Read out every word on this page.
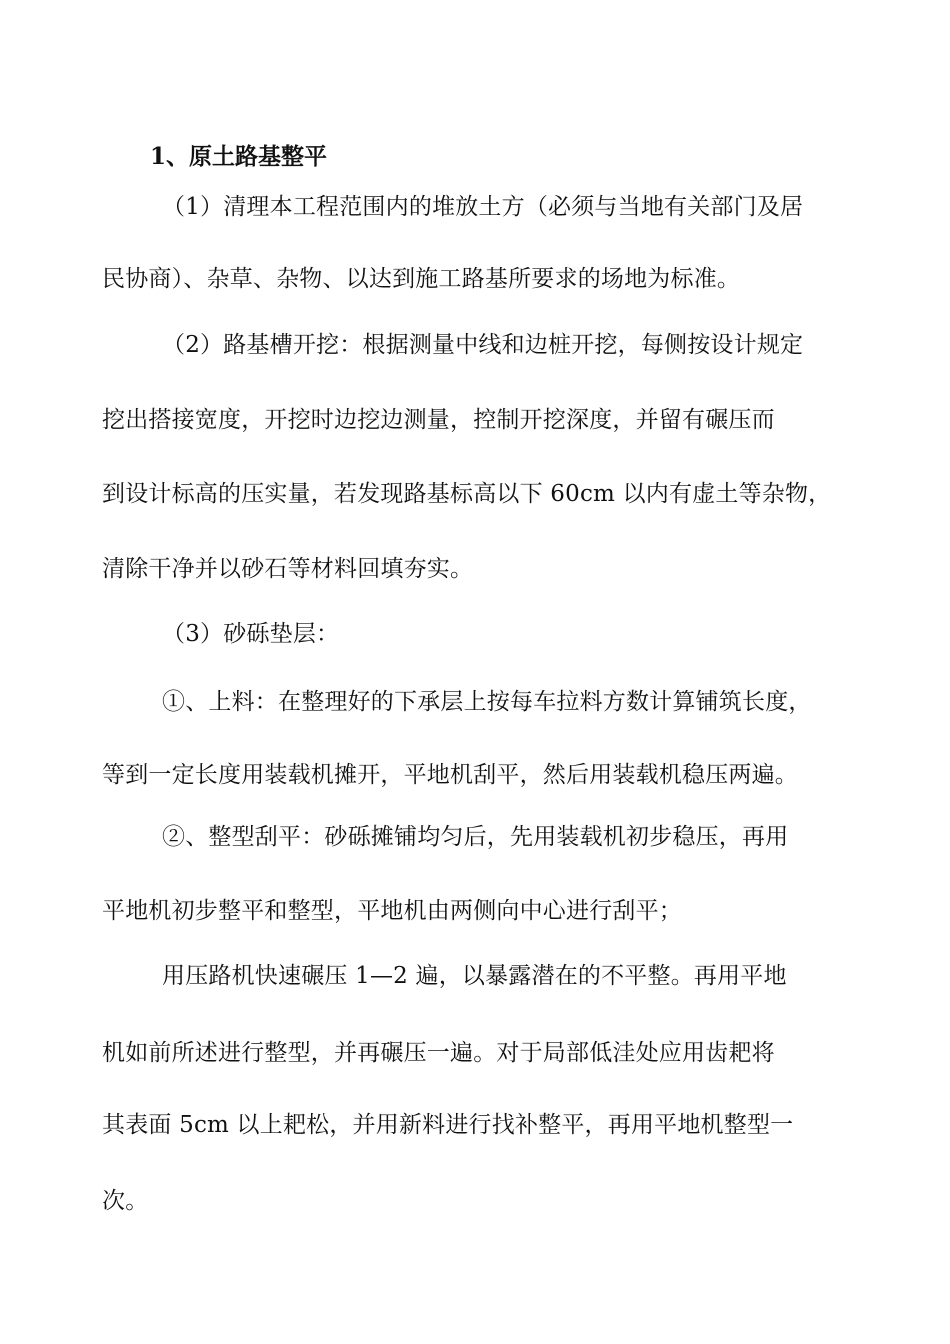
1、原土路基整平
（1）清理本工程范围内的堆放土方（必须与当地有关部门及居
民协商）、杂草、杂物、以达到施工路基所要求的场地为标准。
（2）路基槽开挖：根据测量中线和边桩开挖，每侧按设计规定
挖出搭接宽度，开挖时边挖边测量，控制开挖深度，并留有碾压而
到设计标高的压实量，若发现路基标高以下 60cm 以内有虚土等杂物，
清除干净并以砂石等材料回填夯实。
（3）砂砾垫层：
①、上料：在整理好的下承层上按每车拉料方数计算铺筑长度，
等到一定长度用装载机摊开，平地机刮平，然后用装载机稳压两遍。
②、整型刮平：砂砾摊铺均匀后，先用装载机初步稳压，再用
平地机初步整平和整型，平地机由两侧向中心进行刮平；
用压路机快速碾压 1—2 遍，以暴露潜在的不平整。再用平地
机如前所述进行整型，并再碾压一遍。对于局部低洼处应用齿耙将
其表面 5cm 以上耙松，并用新料进行找补整平，再用平地机整型一
次。
